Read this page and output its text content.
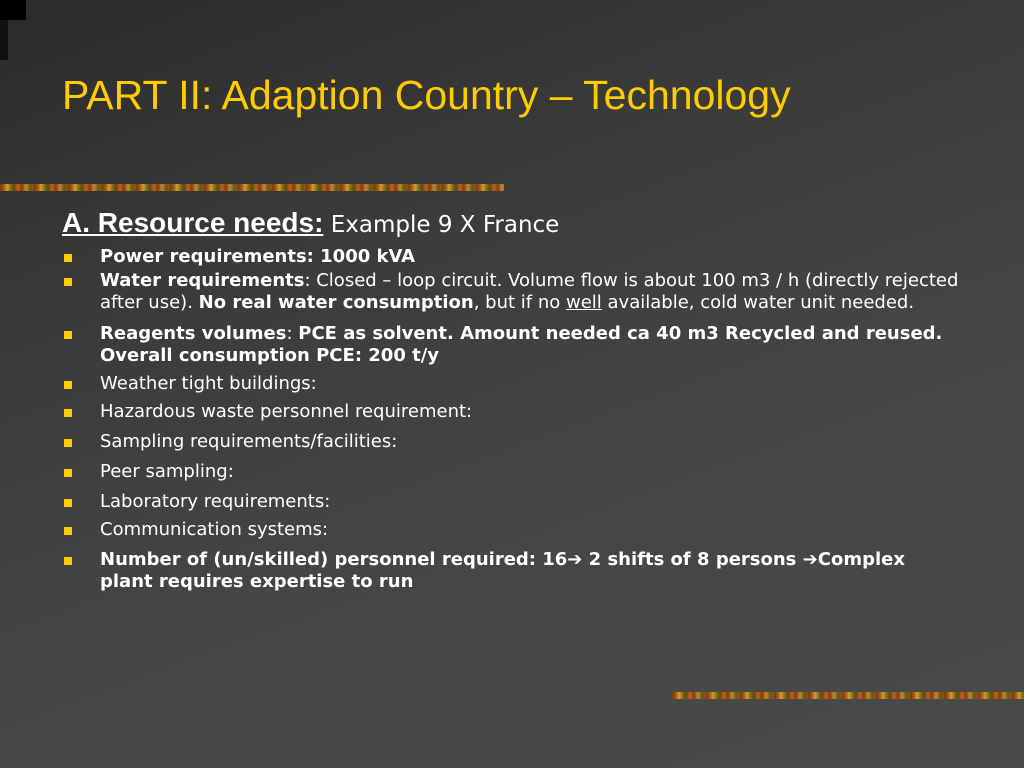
PART II: Adaption Country – Technology
A. Resource needs: Example 9 X France
Power requirements: 1000 kVA
Water requirements: Closed – loop circuit. Volume flow is about 100 m3 / h (directly rejected after use). No real water consumption, but if no well available, cold water unit needed.
Reagents volumes: PCE as solvent. Amount needed ca 40 m3 Recycled and reused. Overall consumption PCE: 200 t/y
Weather tight buildings:
Hazardous waste personnel requirement:
Sampling requirements/facilities:
Peer sampling:
Laboratory requirements:
Communication systems:
Number of (un/skilled) personnel required: 16➔ 2 shifts of 8 persons ➔Complex plant requires expertise to run
